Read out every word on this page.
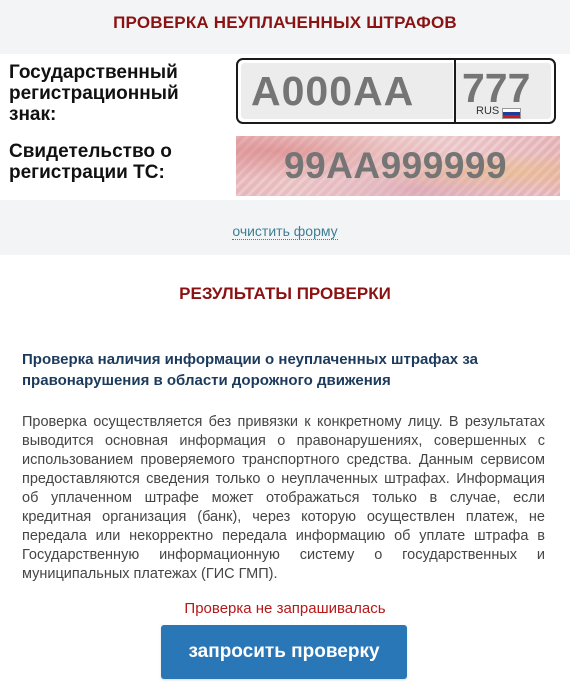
ПРОВЕРКА НЕУПЛАЧЕННЫХ ШТРАФОВ
Государственный регистрационный знак:
А000АА
777	RUS
Свидетельство о регистрации ТС:
99АА999999
очистить форму
РЕЗУЛЬТАТЫ ПРОВЕРКИ
Проверка наличия информации о неуплаченных штрафах за правонарушения в области дорожного движения
Проверка осуществляется без привязки к конкретному лицу. В результатах выводится основная информация о правонарушениях, совершенных с использованием проверяемого транспортного средства. Данным сервисом предоставляются сведения только о неуплаченных штрафах. Информация об уплаченном штрафе может отображаться только в случае, если кредитная организация (банк), через которую осуществлен платеж, не передала или некорректно передала информацию об уплате штрафа в Государственную информационную систему о государственных и муниципальных платежах (ГИС ГМП).
Проверка не запрашивалась
запросить проверку
